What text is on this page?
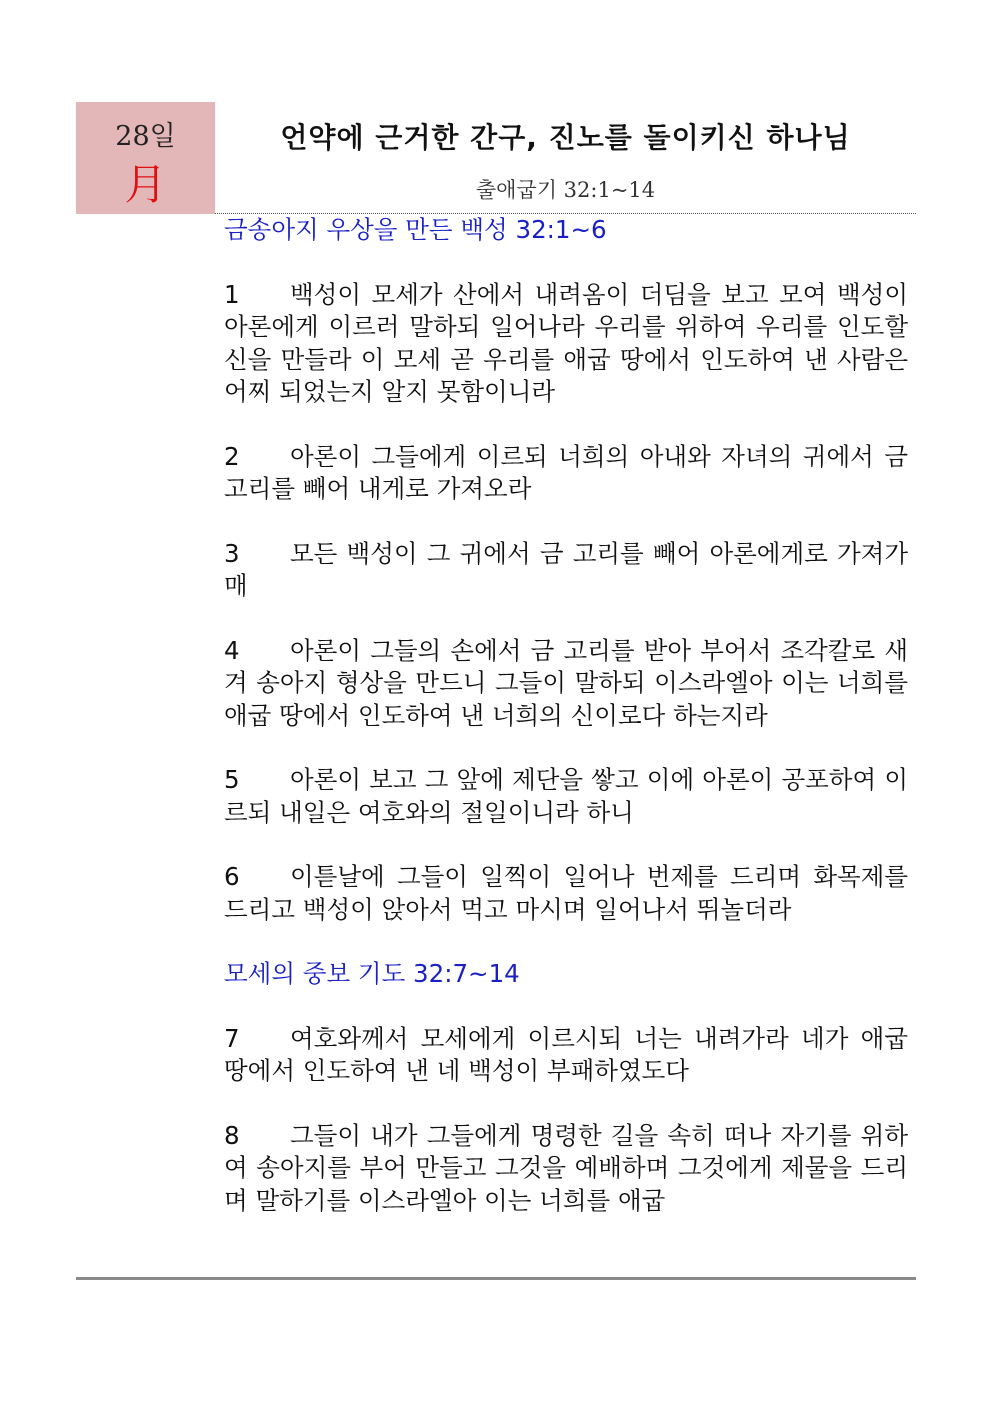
28일
月
언약에 근거한 간구, 진노를 돌이키신 하나님
출애굽기 32:1~14

금송아지 우상을 만든 백성 32:1~6

1 백성이 모세가 산에서 내려옴이 더딤을 보고 모여 백성이 아론에게 이르러 말하되 일어나라 우리를 위하여 우리를 인도할 신을 만들라 이 모세 곧 우리를 애굽 땅에서 인도하여 낸 사람은 어찌 되었는지 알지 못함이니라

2 아론이 그들에게 이르되 너희의 아내와 자녀의 귀에서 금 고리를 빼어 내게로 가져오라

3 모든 백성이 그 귀에서 금 고리를 빼어 아론에게로 가져가매

4 아론이 그들의 손에서 금 고리를 받아 부어서 조각칼로 새겨 송아지 형상을 만드니 그들이 말하되 이스라엘아 이는 너희를 애굽 땅에서 인도하여 낸 너희의 신이로다 하는지라

5 아론이 보고 그 앞에 제단을 쌓고 이에 아론이 공포하여 이르되 내일은 여호와의 절일이니라 하니

6 이튿날에 그들이 일찍이 일어나 번제를 드리며 화목제를 드리고 백성이 앉아서 먹고 마시며 일어나서 뛰놀더라

모세의 중보 기도 32:7~14

7 여호와께서 모세에게 이르시되 너는 내려가라 네가 애굽 땅에서 인도하여 낸 네 백성이 부패하였도다

8 그들이 내가 그들에게 명령한 길을 속히 떠나 자기를 위하여 송아지를 부어 만들고 그것을 예배하며 그것에게 제물을 드리며 말하기를 이스라엘아 이는 너희를 애굽
